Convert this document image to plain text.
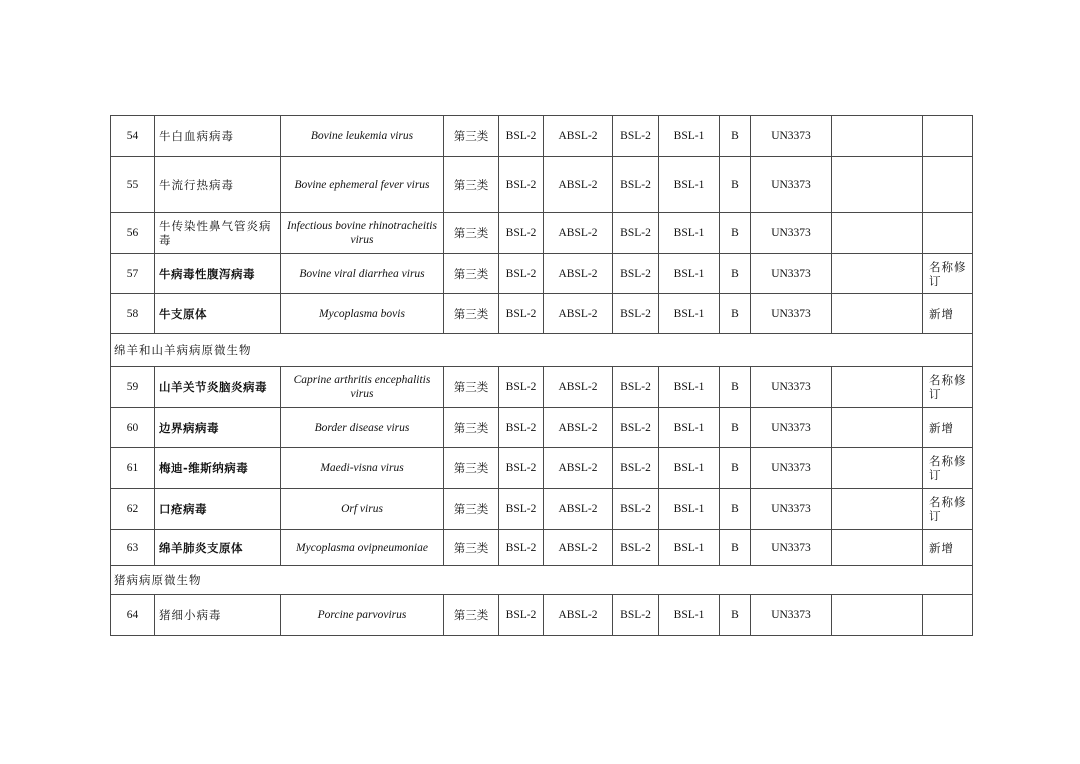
54	牛白血病病毒	Bovine leukemia virus	第三类	BSL-2	ABSL-2	BSL-2	BSL-1	B	UN3373		
55	牛流行热病毒	Bovine ephemeral fever virus	第三类	BSL-2	ABSL-2	BSL-2	BSL-1	B	UN3373		
56	牛传染性鼻气管炎病毒	Infectious bovine rhinotracheitis virus	第三类	BSL-2	ABSL-2	BSL-2	BSL-1	B	UN3373		
57	牛病毒性腹泻病毒	Bovine viral diarrhea virus	第三类	BSL-2	ABSL-2	BSL-2	BSL-1	B	UN3373		名称修订
58	牛支原体	Mycoplasma bovis	第三类	BSL-2	ABSL-2	BSL-2	BSL-1	B	UN3373		新增
绵羊和山羊病病原微生物											
59	山羊关节炎脑炎病毒	Caprine arthritis encephalitis virus	第三类	BSL-2	ABSL-2	BSL-2	BSL-1	B	UN3373		名称修订
60	边界病病毒	Border disease virus	第三类	BSL-2	ABSL-2	BSL-2	BSL-1	B	UN3373		新增
61	梅迪-维斯纳病毒	Maedi-visna virus	第三类	BSL-2	ABSL-2	BSL-2	BSL-1	B	UN3373		名称修订
62	口疮病毒	Orf virus	第三类	BSL-2	ABSL-2	BSL-2	BSL-1	B	UN3373		名称修订
63	绵羊肺炎支原体	Mycoplasma ovipneumoniae	第三类	BSL-2	ABSL-2	BSL-2	BSL-1	B	UN3373		新增
猪病病原微生物											
64	猪细小病毒	Porcine parvovirus	第三类	BSL-2	ABSL-2	BSL-2	BSL-1	B	UN3373		
